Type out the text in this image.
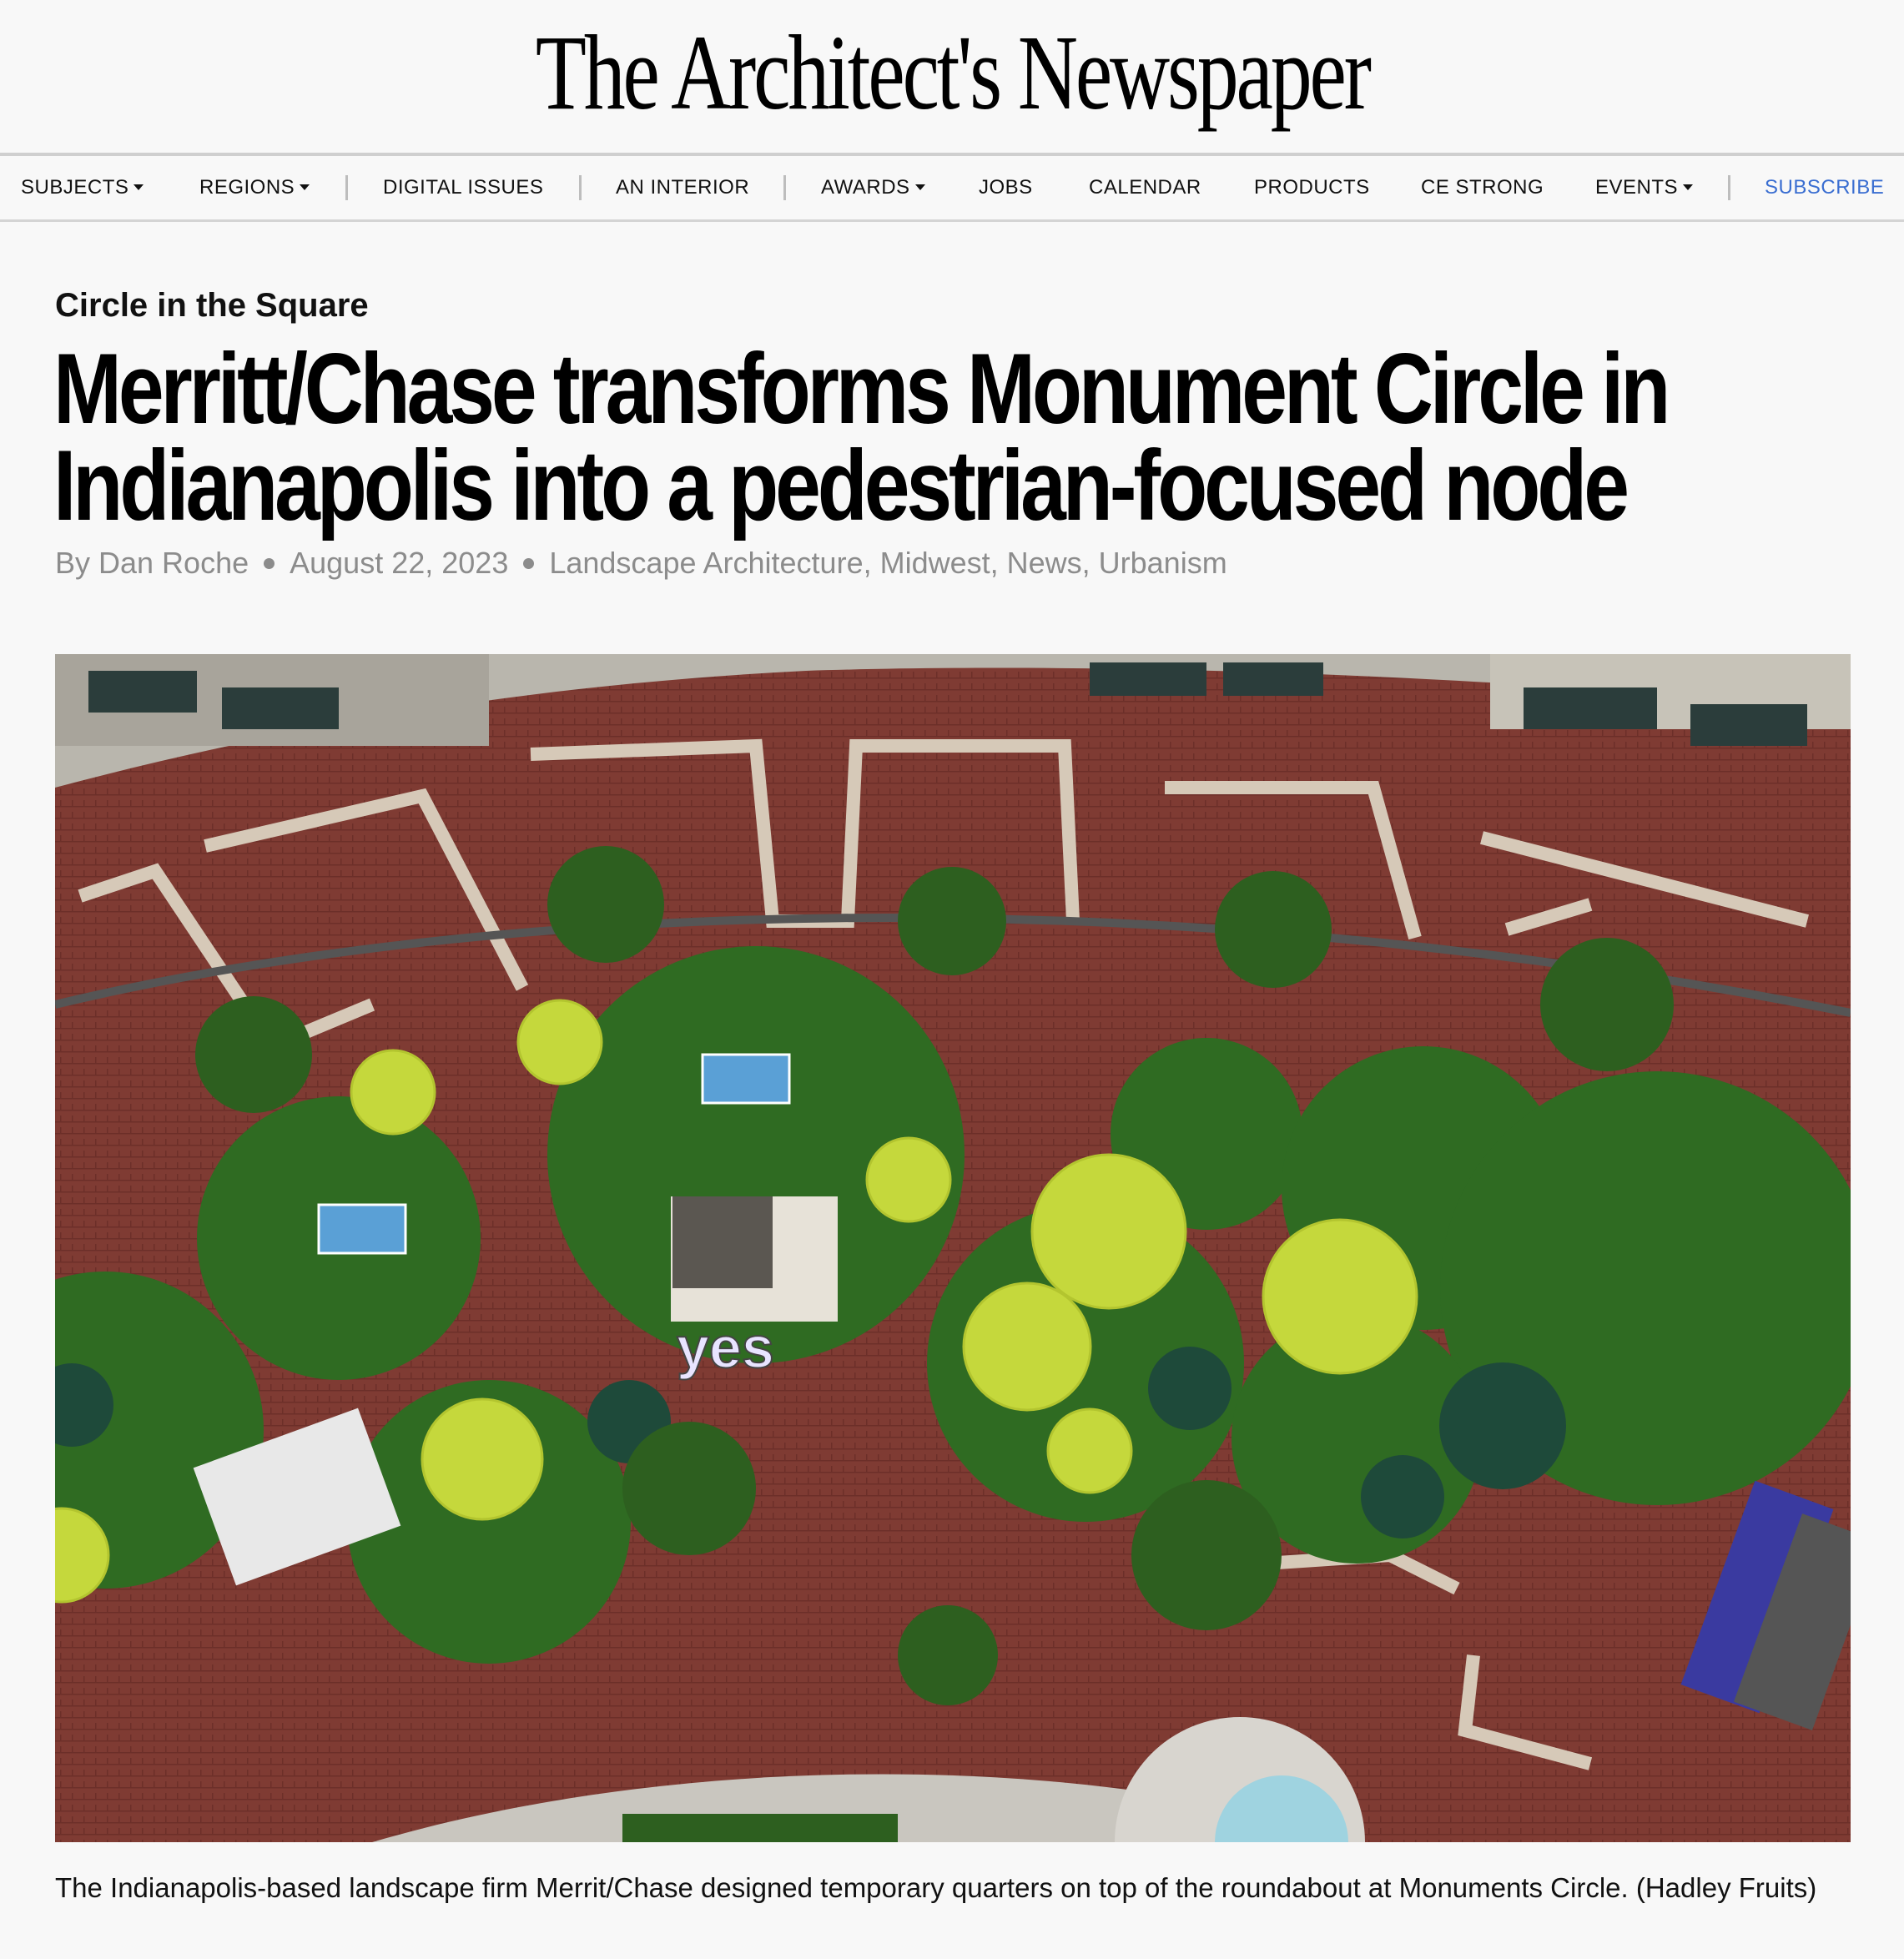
The Architect's Newspaper
SUBJECTS	REGIONS	DIGITAL ISSUES	AN INTERIOR	AWARDS	JOBS	CALENDAR	PRODUCTS	CE STRONG	EVENTS	SUBSCRIBE
Circle in the Square
Merritt/Chase transforms Monument Circle in
Indianapolis into a pedestrian-focused node
By Dan Roche August 22, 2023 Landscape Architecture, Midwest, News, Urbanism
yes
The Indianapolis-based landscape firm Merrit/Chase designed temporary quarters on top of the roundabout at Monuments Circle. (Hadley Fruits)
